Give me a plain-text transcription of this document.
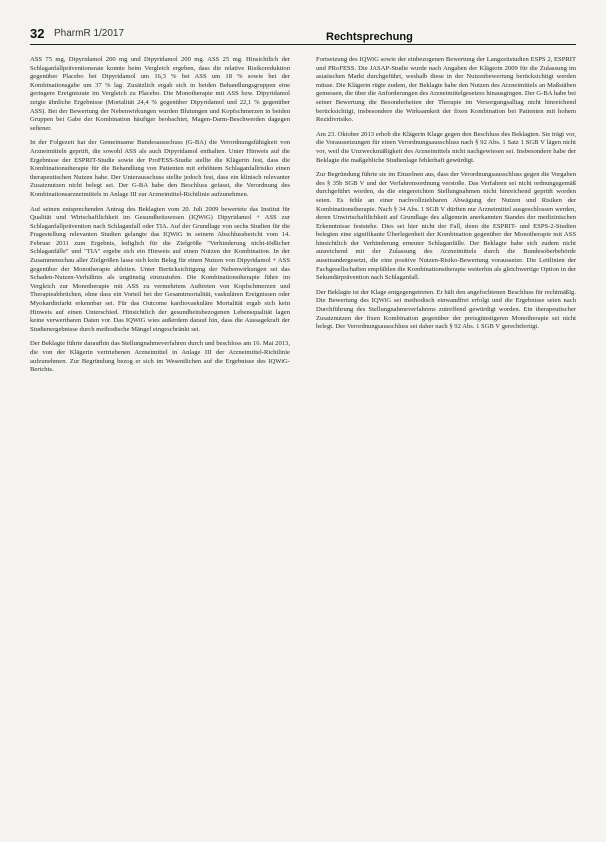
32 PharmR 1/2017	Rechtsprechung

ASS 75 mg, Dipyridamol 200 mg und Dipyridamol 200 mg. ASS 25 mg. Hinsichtlich der Schlaganfallpräventionsrate konnte beim Vergleich ergeben, dass die relative Risikoreduktion gegenüber Placebo bei Dipyridamol um 16,3 % bei ASS um 18 % sowie bei der Kombinationsgabe um 37 % lag. Zusätzlich ergab sich in beiden Behandlungsgruppen eine geringere Ereignisrate im Vergleich zu Placebo. Die Monotherapie mit ASS bzw. Dipyridamol zeigte ähnliche Ergebnisse (Mortalität 24,4 % gegenüber Dipyridamol und 22,1 % gegenüber ASS). Bei der Bewertung der Nebenwirkungen wurden Blutungen und Kopfschmerzen in beiden Gruppen bei Gabe der Kombination häufiger beobachtet, Magen-Darm-Beschwerden dagegen seltener.

In der Folgezeit hat der Gemeinsame Bundesausschuss (G-BA) die Verordnungsfähigkeit von Arzneimitteln geprüft, die sowohl ASS als auch Dipyridamol enthalten. Unter Hinweis auf die Ergebnisse der ESPRIT-Studie sowie der ProFESS-Studie stellte die Klägerin fest, dass die Kombinationstherapie für die Behandlung von Patienten mit erhöhtem Schlaganfallrisiko einen therapeutischen Nutzen habe. Der Unterausschuss stellte jedoch fest, dass ein klinisch relevanter Zusatznutzen nicht belegt sei. Der G-BA habe den Beschluss gefasst, die Verordnung des Kombinationsarzneimittels in Anlage III zur Arzneimittel-Richtlinie aufzunehmen.

Auf seinen entsprechenden Antrag des Beklagten vom 20. Juli 2009 bewertete das Institut für Qualität und Wirtschaftlichkeit im Gesundheitswesen (IQWiG) Dipyridamol + ASS zur Schlaganfallprävention nach Schlaganfall oder TIA. Auf der Grundlage von sechs Studien für die Fragestellung relevanten Studien gelangte das IQWiG in seinem Abschlussbericht vom 14. Februar 2011 zum Ergebnis, lediglich für die Zielgröße "Verhinderung nicht-tödlicher Schlaganfälle" und "TIA" ergebe sich ein Hinweis auf einen Nutzen der Kombination. In der Zusammenschau aller Zielgrößen lasse sich kein Beleg für einen Nutzen von Dipyridamol + ASS gegenüber der Monotherapie ableiten. Unter Berücksichtigung der Nebenwirkungen sei das Schaden-Nutzen-Verhältnis als ungünstig einzustufen. Die Kombinationstherapie führe im Vergleich zur Monotherapie mit ASS zu vermehrtem Auftreten von Kopfschmerzen und Therapieabbrüchen, ohne dass ein Vorteil bei der Gesamtmortalität, vaskulären Ereignissen oder Myokardinfarkt erkennbar sei. Für das Outcome kardiovaskuläre Mortalität ergab sich kein Hinweis auf einen Unterschied. Hinsichtlich der gesundheitsbezogenen Lebensqualität lagen keine verwertbaren Daten vor. Das IQWiG wies außerdem darauf hin, dass die Aussagekraft der Studienergebnisse durch methodische Mängel eingeschränkt sei.

Der Beklagte führte daraufhin das Stellungnahmeverfahren durch und beschloss am 16. Mai 2013, die von der Klägerin vertriebenen Arzneimittel in Anlage III der Arzneimittel-Richtlinie aufzunehmen. Zur Begründung bezog er sich im Wesentlichen auf die Ergebnisse des IQWiG-Berichts.

Fortsetzung des IQWiG sowie der einbezogenen Bewertung der Langzeitstudien ESPS 2, ESPRIT und PRoFESS. Die JASAP-Studie wurde nach Angaben der Klägerin 2009 für die Zulassung im asiatischen Markt durchgeführt, weshalb diese in der Nutzenbewertung berücksichtigt werden müsse. Die Klägerin rügte zudem, der Beklagte habe den Nutzen des Arzneimittels an Maßstäben gemessen, die über die Anforderungen des Arzneimittelgesetzes hinausgingen. Der G-BA habe bei seiner Bewertung die Besonderheiten der Therapie im Versorgungsalltag nicht hinreichend berücksichtigt, insbesondere die Wirksamkeit der fixen Kombination bei Patienten mit hohem Rezidivrisiko.

Am 23. Oktober 2013 erhob die Klägerin Klage gegen den Beschluss des Beklagten. Sie trägt vor, die Voraussetzungen für einen Verordnungsausschluss nach § 92 Abs. 1 Satz 1 SGB V lägen nicht vor, weil die Unzweckmäßigkeit des Arzneimittels nicht nachgewiesen sei. Insbesondere habe der Beklagte die maßgebliche Studienlage fehlerhaft gewürdigt.

Zur Begründung führte sie im Einzelnen aus, dass der Verordnungsausschluss gegen die Vorgaben des § 35b SGB V und der Verfahrensordnung verstoße. Das Verfahren sei nicht ordnungsgemäß durchgeführt worden, da die eingereichten Stellungnahmen nicht hinreichend geprüft worden seien. Es fehle an einer nachvollziehbaren Abwägung der Nutzen und Risiken der Kombinationstherapie. Nach § 34 Abs. 1 SGB V dürften nur Arzneimittel ausgeschlossen werden, deren Unwirtschaftlichkeit auf Grundlage des allgemein anerkannten Standes der medizinischen Erkenntnisse feststehe. Dies sei hier nicht der Fall, denn die ESPRIT- und ESPS-2-Studien belegten eine signifikante Überlegenheit der Kombination gegenüber der Monotherapie mit ASS hinsichtlich der Verhinderung erneuter Schlaganfälle. Der Beklagte habe sich zudem nicht ausreichend mit der Zulassung des Arzneimittels durch die Bundesoberbehörde auseinandergesetzt, die eine positive Nutzen-Risiko-Bewertung voraussetze. Die Leitlinien der Fachgesellschaften empfählen die Kombinationstherapie weiterhin als gleichwertige Option in der Sekundärprävention nach Schlaganfall.

Der Beklagte ist der Klage entgegengetreten. Er hält den angefochtenen Beschluss für rechtmäßig. Die Bewertung des IQWiG sei methodisch einwandfrei erfolgt und die Ergebnisse seien nach Durchführung des Stellungnahmeverfahrens zutreffend gewürdigt worden. Ein therapeutischer Zusatznutzen der fixen Kombination gegenüber der preisgünstigeren Monotherapie sei nicht belegt. Der Verordnungsausschluss sei daher nach § 92 Abs. 1 SGB V gerechtfertigt.
